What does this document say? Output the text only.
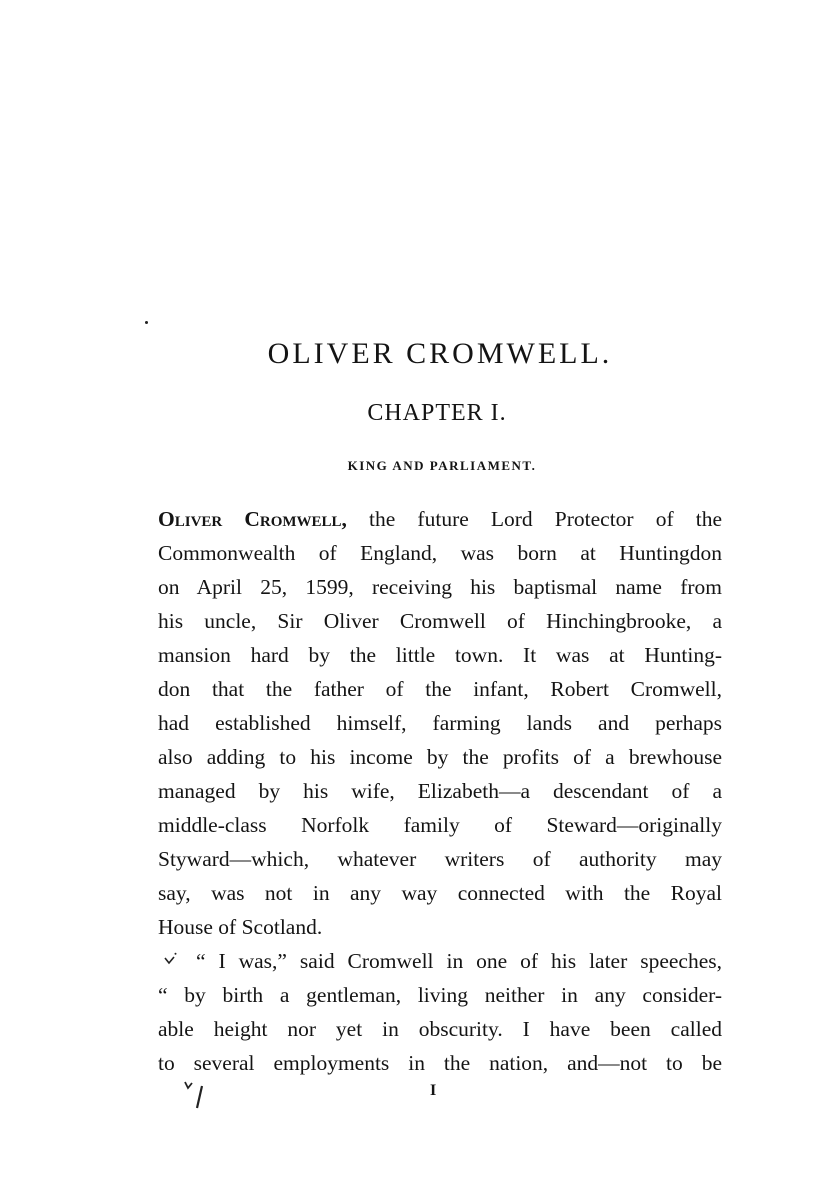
OLIVER CROMWELL.
CHAPTER I.
KING AND PARLIAMENT.
Oliver Cromwell, the future Lord Protector of the
Commonwealth of England, was born at Huntingdon
on April 25, 1599, receiving his baptismal name from
his uncle, Sir Oliver Cromwell of Hinchingbrooke, a
mansion hard by the little town. It was at Hunting-
don that the father of the infant, Robert Cromwell,
had established himself, farming lands and perhaps
also adding to his income by the profits of a brewhouse
managed by his wife, Elizabeth—a descendant of a
middle-class Norfolk family of Steward—originally
Styward—which, whatever writers of authority may
say, was not in any way connected with the Royal
House of Scotland.
“ I was,” said Cromwell in one of his later speeches,
“ by birth a gentleman, living neither in any consider-
able height nor yet in obscurity. I have been called
to several employments in the nation, and—not to be
I
